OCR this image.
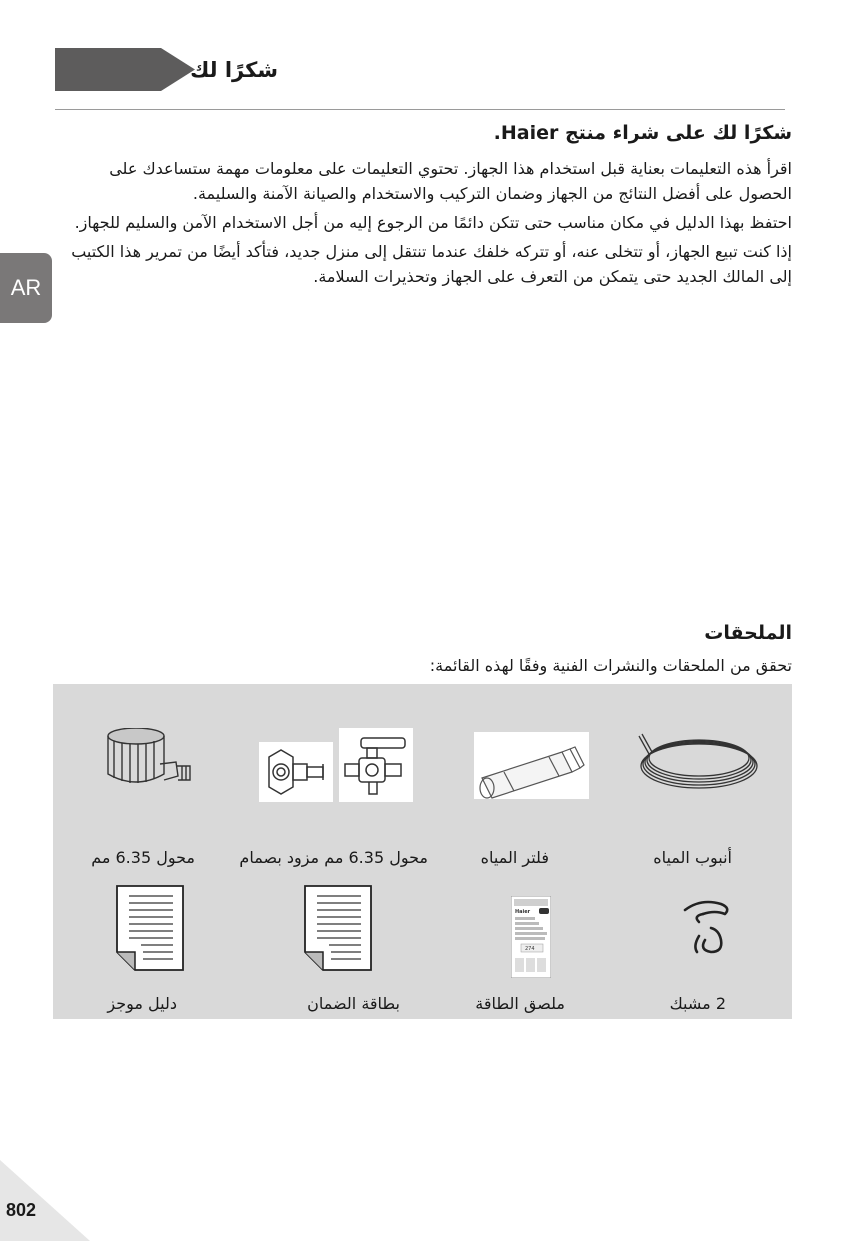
شكرًا لك
شكرًا لك على شراء منتج Haier.

اقرأ هذه التعليمات بعناية قبل استخدام هذا الجهاز. تحتوي التعليمات على معلومات مهمة ستساعدك على الحصول على أفضل النتائج من الجهاز وضمان التركيب والاستخدام والصيانة الآمنة والسليمة.

احتفظ بهذا الدليل في مكان مناسب حتى تتكن دائمًا من الرجوع إليه من أجل الاستخدام الآمن والسليم للجهاز.

إذا كنت تبيع الجهاز، أو تتخلى عنه، أو تتركه خلفك عندما تنتقل إلى منزل جديد، فتأكد أيضًا من تمرير هذا الكتيب إلى المالك الجديد حتى يتمكن من التعرف على الجهاز وتحذيرات السلامة.

AR
الملحقات
تحقق من الملحقات والنشرات الفنية وفقًا لهذه القائمة:
أنبوب المياه
فلتر المياه
محول 6.35 مم مزود بصمام
محول 6.35 مم
Haier
274
2 مشبك
ملصق الطاقة
بطاقة الضمان
دليل موجز
802
